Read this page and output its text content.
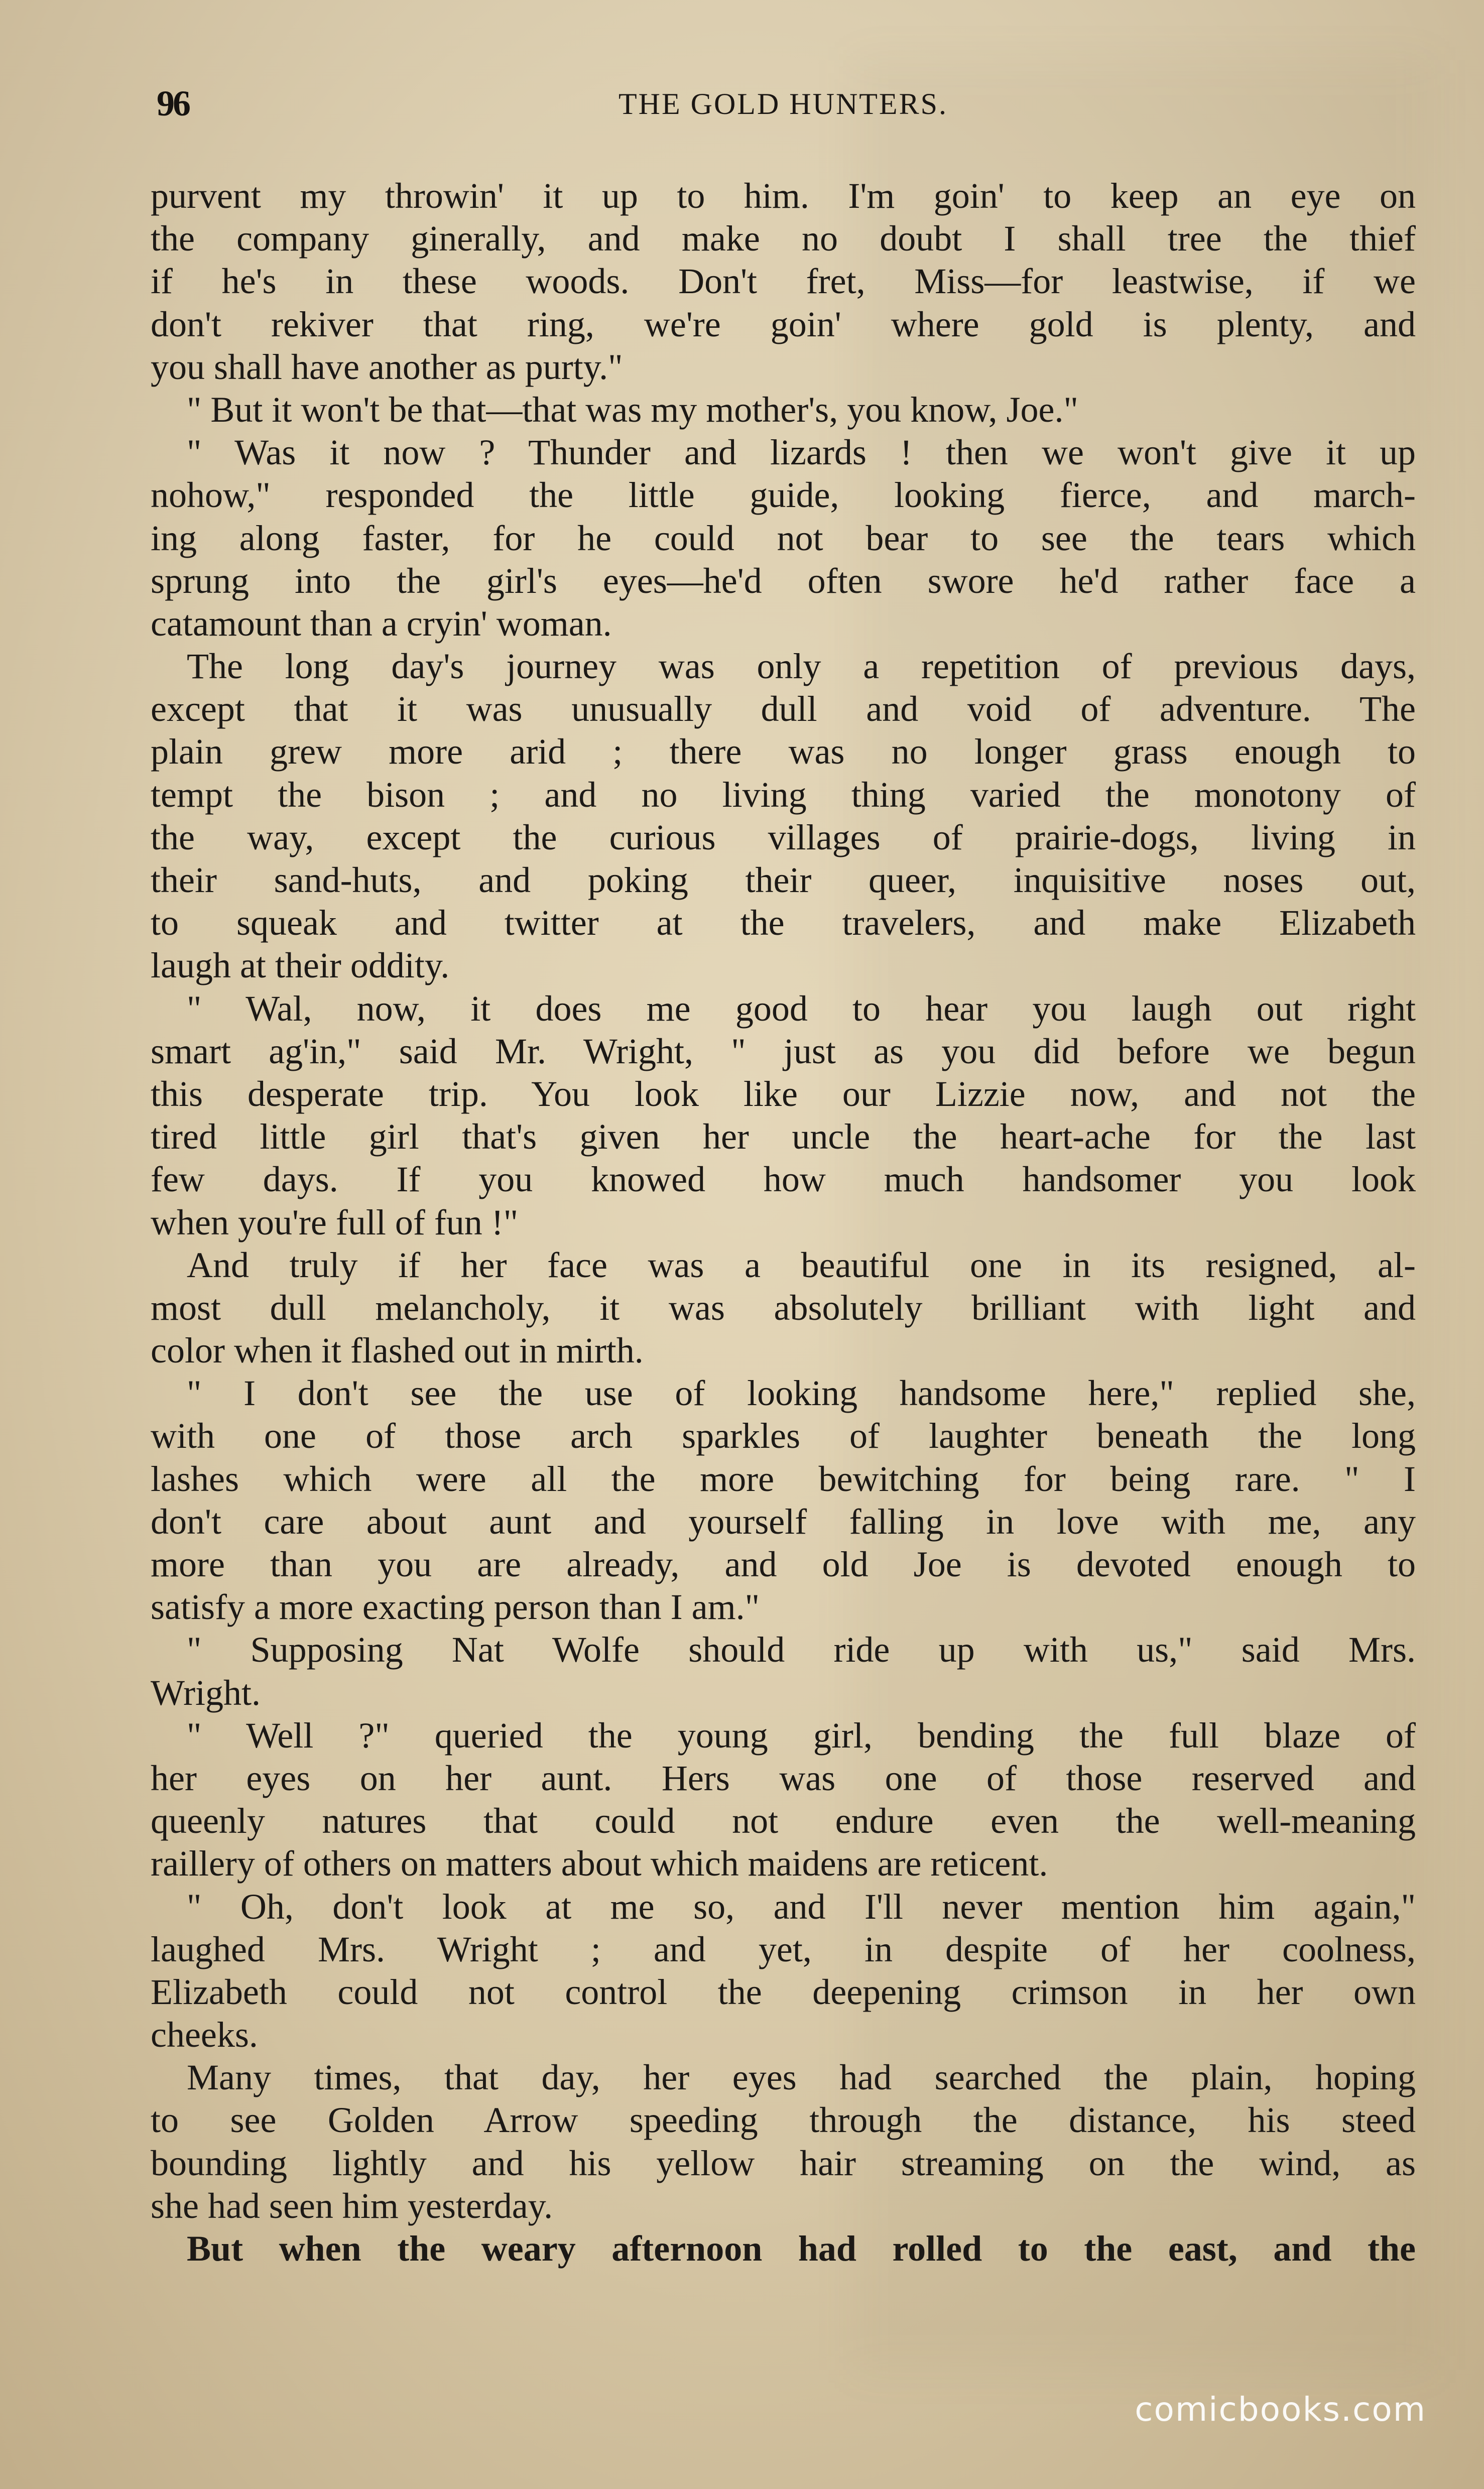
96	THE GOLD HUNTERS.
purvent my throwin' it up to him. I'm goin' to keep an eye on
the company ginerally, and make no doubt I shall tree the thief
if he's in these woods. Don't fret, Miss—for leastwise, if we
don't rekiver that ring, we're goin' where gold is plenty, and
you shall have another as purty."
" But it won't be that—that was my mother's, you know, Joe."
" Was it now ? Thunder and lizards ! then we won't give it up
nohow," responded the little guide, looking fierce, and march-
ing along faster, for he could not bear to see the tears which
sprung into the girl's eyes—he'd often swore he'd rather face a
catamount than a cryin' woman.
The long day's journey was only a repetition of previous days,
except that it was unusually dull and void of adventure. The
plain grew more arid ; there was no longer grass enough to
tempt the bison ; and no living thing varied the monotony of
the way, except the curious villages of prairie-dogs, living in
their sand-huts, and poking their queer, inquisitive noses out,
to squeak and twitter at the travelers, and make Elizabeth
laugh at their oddity.
" Wal, now, it does me good to hear you laugh out right
smart ag'in," said Mr. Wright, " just as you did before we begun
this desperate trip. You look like our Lizzie now, and not the
tired little girl that's given her uncle the heart-ache for the last
few days. If you knowed how much handsomer you look
when you're full of fun !"
And truly if her face was a beautiful one in its resigned, al-
most dull melancholy, it was absolutely brilliant with light and
color when it flashed out in mirth.
" I don't see the use of looking handsome here," replied she,
with one of those arch sparkles of laughter beneath the long
lashes which were all the more bewitching for being rare. " I
don't care about aunt and yourself falling in love with me, any
more than you are already, and old Joe is devoted enough to
satisfy a more exacting person than I am."
" Supposing Nat Wolfe should ride up with us," said Mrs.
Wright.
" Well ?" queried the young girl, bending the full blaze of
her eyes on her aunt. Hers was one of those reserved and
queenly natures that could not endure even the well-meaning
raillery of others on matters about which maidens are reticent.
" Oh, don't look at me so, and I'll never mention him again,"
laughed Mrs. Wright ; and yet, in despite of her coolness,
Elizabeth could not control the deepening crimson in her own
cheeks.
Many times, that day, her eyes had searched the plain, hoping
to see Golden Arrow speeding through the distance, his steed
bounding lightly and his yellow hair streaming on the wind, as
she had seen him yesterday.
But when the weary afternoon had rolled to the east, and the
comicbooks.com
